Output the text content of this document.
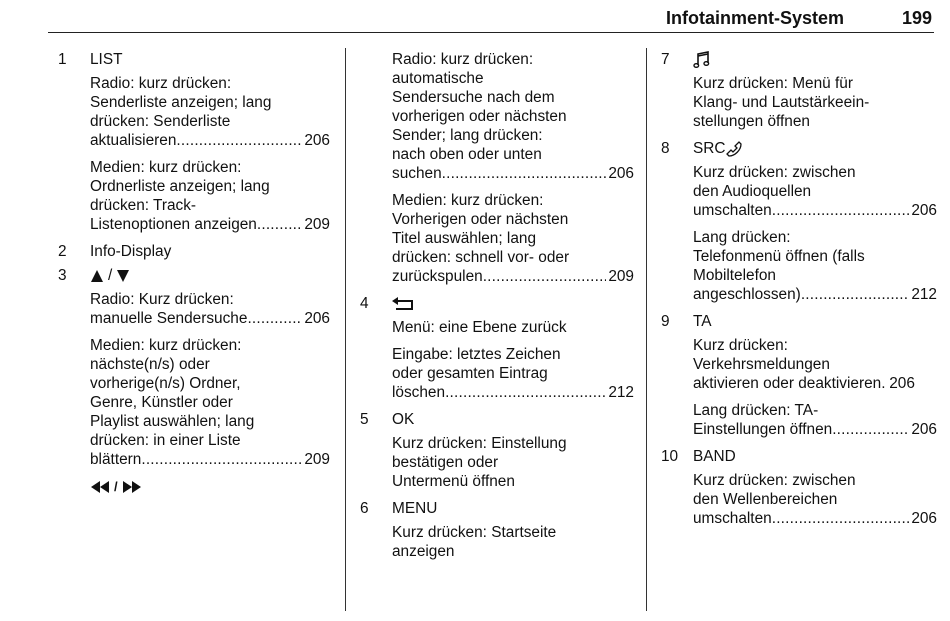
Infotainment-System	199
1	LIST
Radio: kurz drücken:
Senderliste anzeigen; lang
drücken: Senderliste
aktualisieren .....	206
Medien: kurz drücken:
Ordnerliste anzeigen; lang
drücken: Track-
Listenoptionen anzeigen .....	209
2	Info-Display
3	/
Radio: Kurz drücken:
manuelle Sendersuche .....	206
Medien: kurz drücken:
nächste(n/s) oder
vorherige(n/s) Ordner,
Genre, Künstler oder
Playlist auswählen; lang
drücken: in einer Liste
blättern .....	209
/
Radio: kurz drücken:
automatische
Sendersuche nach dem
vorherigen oder nächsten
Sender; lang drücken:
nach oben oder unten
suchen .....	206
Medien: kurz drücken:
Vorherigen oder nächsten
Titel auswählen; lang
drücken: schnell vor- oder
zurückspulen .....	209
4
Menü: eine Ebene zurück
Eingabe: letztes Zeichen
oder gesamten Eintrag
löschen .....	212
5	OK
Kurz drücken: Einstellung
bestätigen oder
Untermenü öffnen
6	MENU
Kurz drücken: Startseite
anzeigen
7
Kurz drücken: Menü für
Klang- und Lautstärkeein-
stellungen öffnen
8	SRC
Kurz drücken: zwischen
den Audioquellen
umschalten .....	206
Lang drücken:
Telefonmenü öffnen (falls
Mobiltelefon
angeschlossen) .....	212
9	TA
Kurz drücken:
Verkehrsmeldungen
aktivieren oder deaktivieren ..... 206
Lang drücken: TA-
Einstellungen öffnen .....	206
10 BAND
Kurz drücken: zwischen
den Wellenbereichen
umschalten .....	206
